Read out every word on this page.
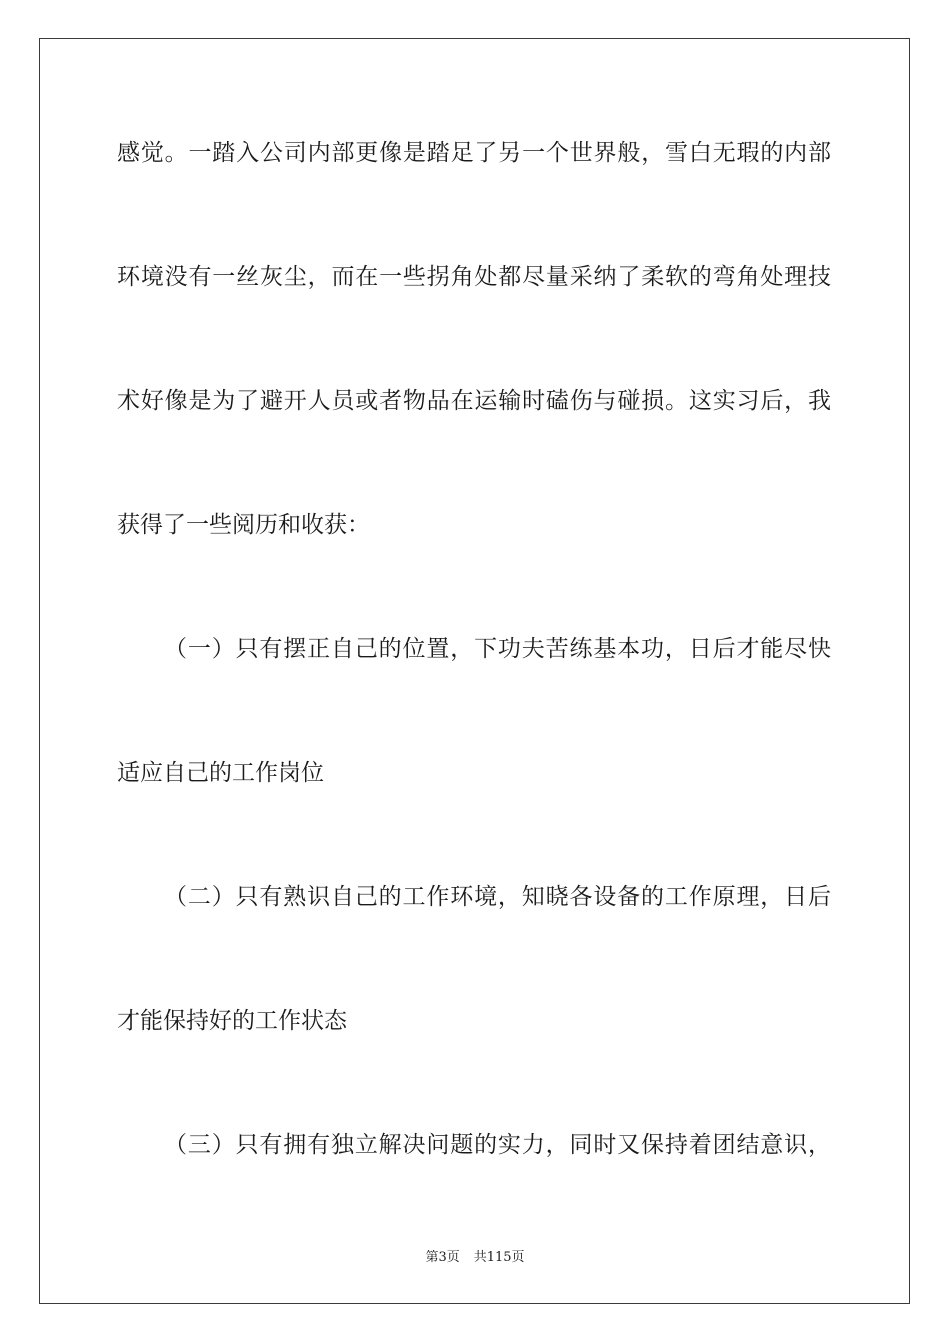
感觉。一踏入公司内部更像是踏足了另一个世界般，雪白无瑕的内部
环境没有一丝灰尘，而在一些拐角处都尽量采纳了柔软的弯角处理技
术好像是为了避开人员或者物品在运输时磕伤与碰损。这实习后，我
获得了一些阅历和收获：
（一）只有摆正自己的位置，下功夫苦练基本功，日后才能尽快
适应自己的工作岗位
（二）只有熟识自己的工作环境，知晓各设备的工作原理，日后
才能保持好的工作状态
（三）只有拥有独立解决问题的实力，同时又保持着团结意识，
第3页 共115页
